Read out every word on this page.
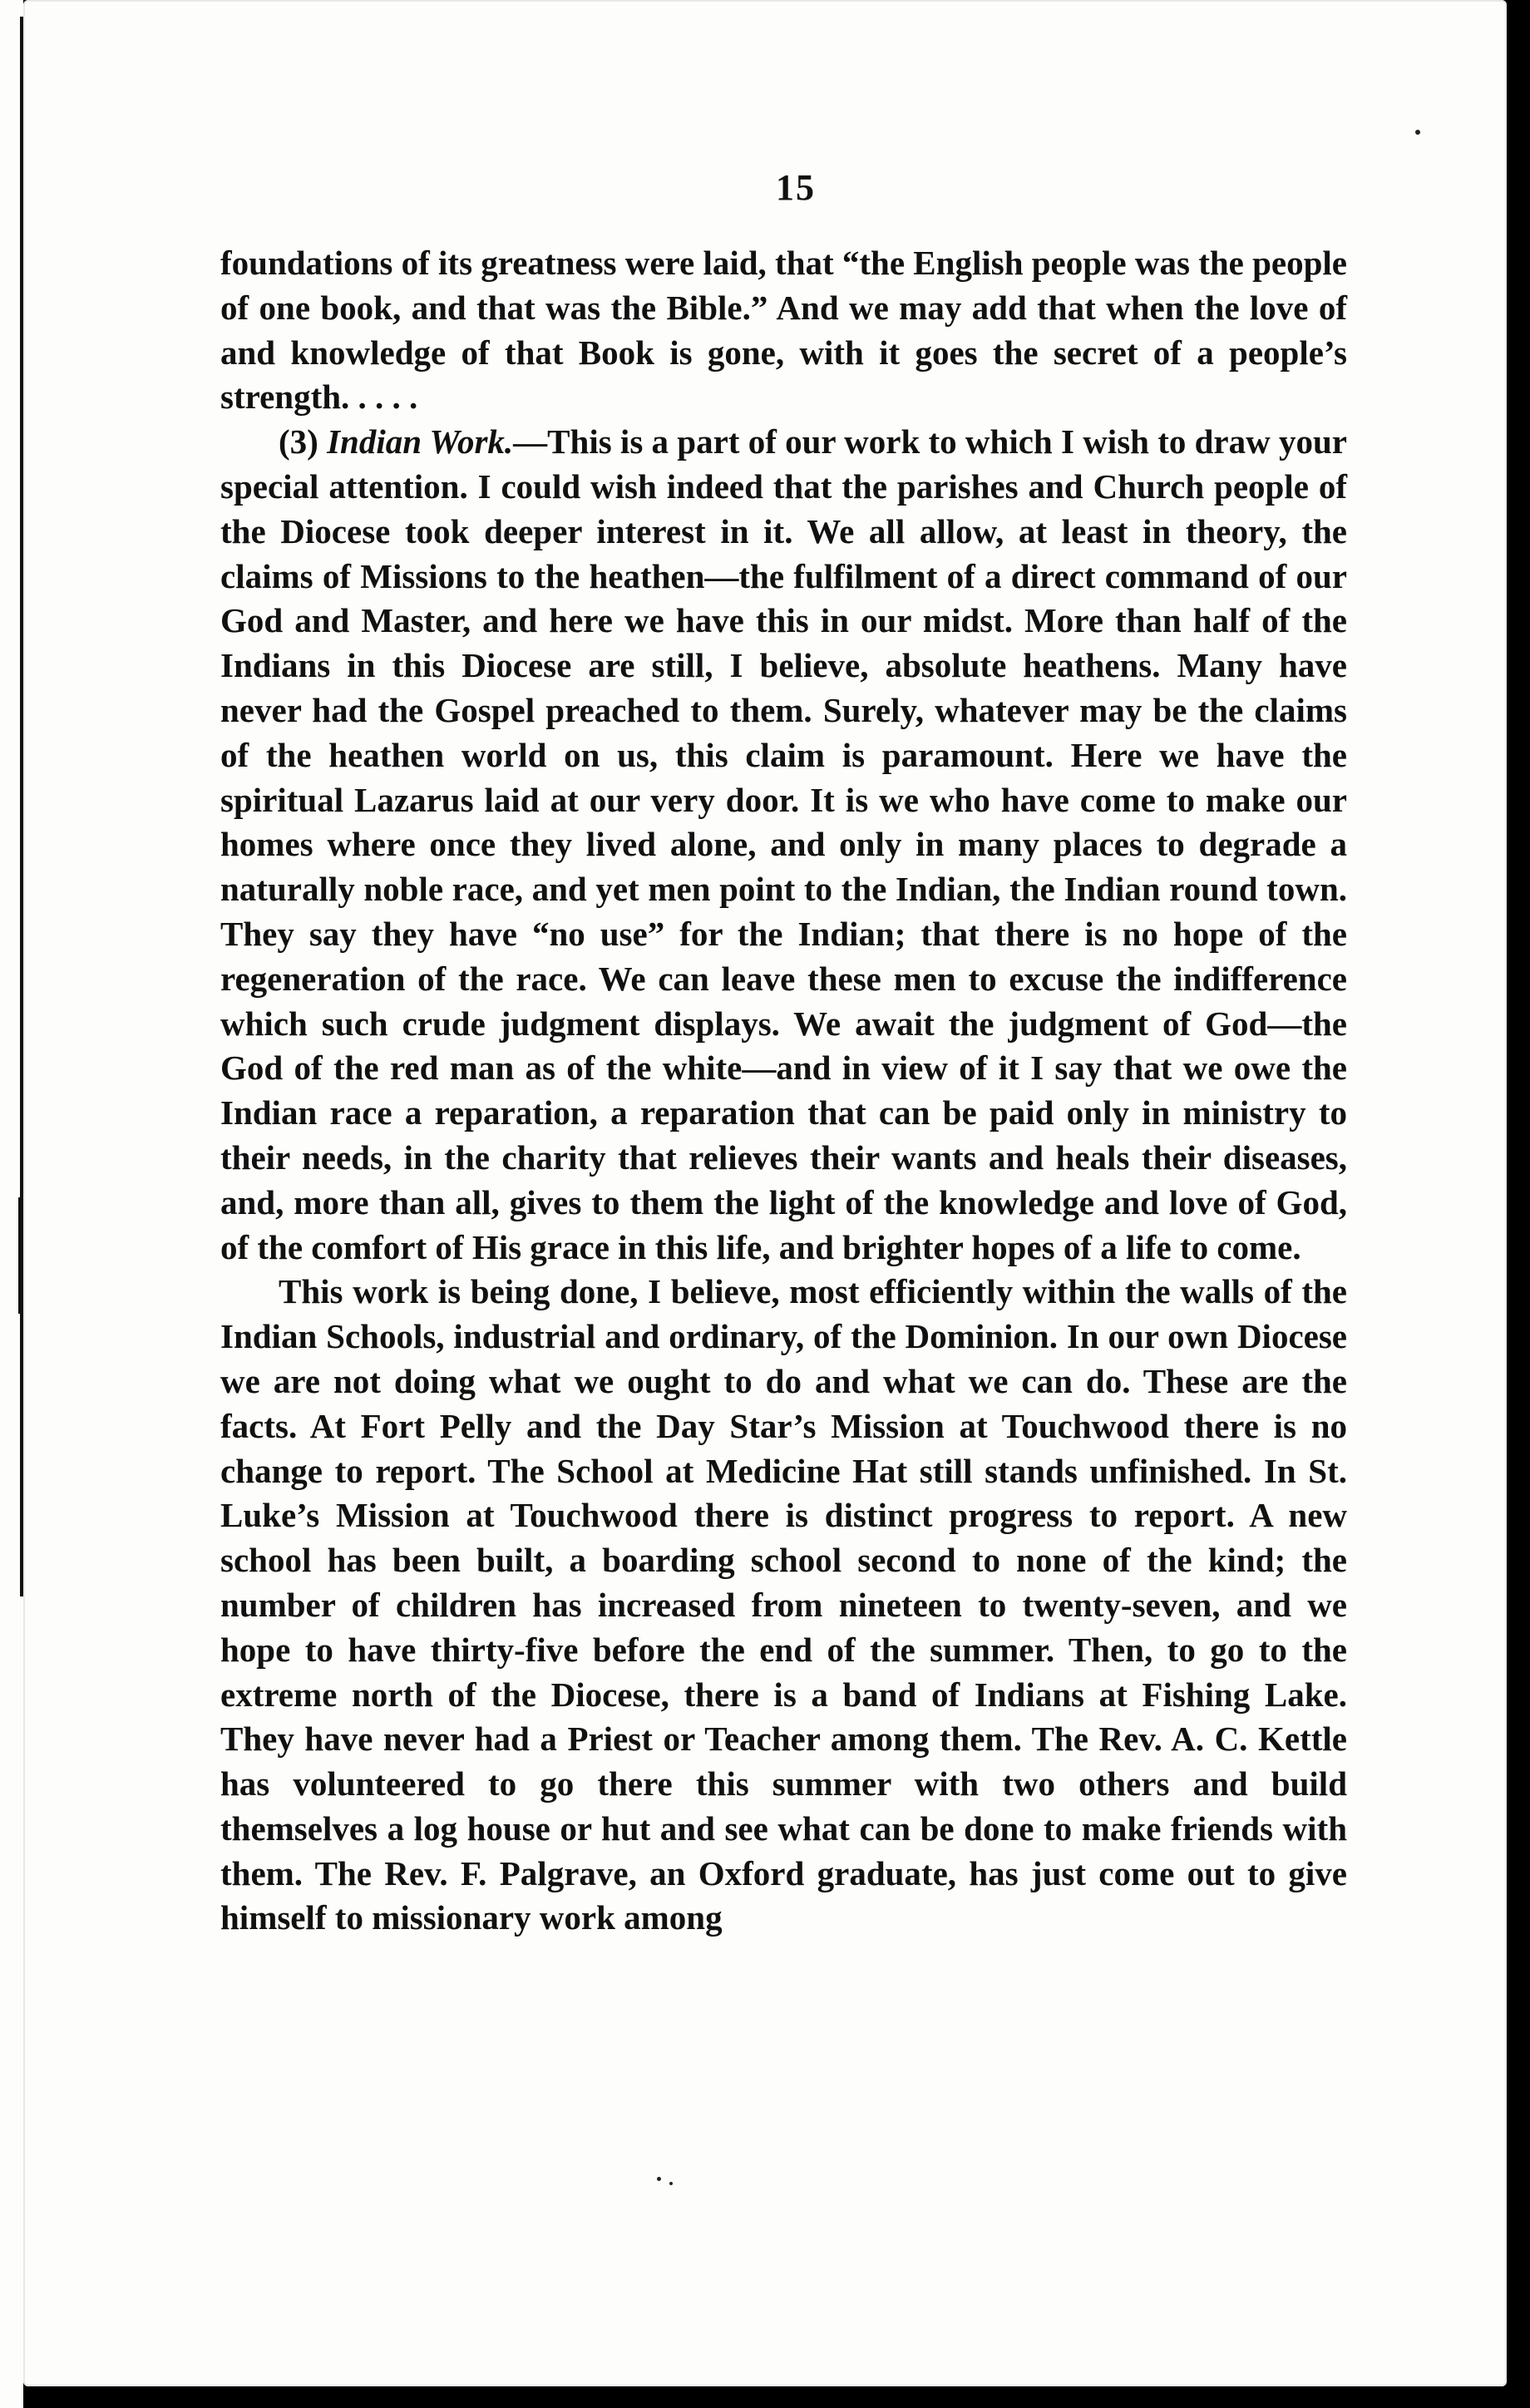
15

foundations of its greatness were laid, that “the English people was the people of one book, and that was the Bible.” And we may add that when the love of and knowledge of that Book is gone, with it goes the secret of a people’s strength. . . . .

(3) Indian Work.—This is a part of our work to which I wish to draw your special attention. I could wish indeed that the parishes and Church people of the Diocese took deeper interest in it. We all allow, at least in theory, the claims of Missions to the heathen—the fulfilment of a direct command of our God and Master, and here we have this in our midst. More than half of the Indians in this Diocese are still, I believe, absolute heathens. Many have never had the Gospel preached to them. Surely, whatever may be the claims of the heathen world on us, this claim is paramount. Here we have the spiritual Lazarus laid at our very door. It is we who have come to make our homes where once they lived alone, and only in many places to degrade a naturally noble race, and yet men point to the Indian, the Indian round town. They say they have “no use” for the Indian; that there is no hope of the regeneration of the race. We can leave these men to excuse the indifference which such crude judgment displays. We await the judgment of God—the God of the red man as of the white—and in view of it I say that we owe the Indian race a reparation, a reparation that can be paid only in ministry to their needs, in the charity that relieves their wants and heals their diseases, and, more than all, gives to them the light of the knowledge and love of God, of the comfort of His grace in this life, and brighter hopes of a life to come.

This work is being done, I believe, most efficiently within the walls of the Indian Schools, industrial and ordinary, of the Dominion. In our own Diocese we are not doing what we ought to do and what we can do. These are the facts. At Fort Pelly and the Day Star’s Mission at Touchwood there is no change to report. The School at Medicine Hat still stands unfinished. In St. Luke’s Mission at Touchwood there is distinct progress to report. A new school has been built, a boarding school second to none of the kind; the number of children has increased from nineteen to twenty-seven, and we hope to have thirty-five before the end of the summer. Then, to go to the extreme north of the Diocese, there is a band of Indians at Fishing Lake. They have never had a Priest or Teacher among them. The Rev. A. C. Kettle has volunteered to go there this summer with two others and build themselves a log house or hut and see what can be done to make friends with them. The Rev. F. Palgrave, an Oxford graduate, has just come out to give himself to missionary work among
